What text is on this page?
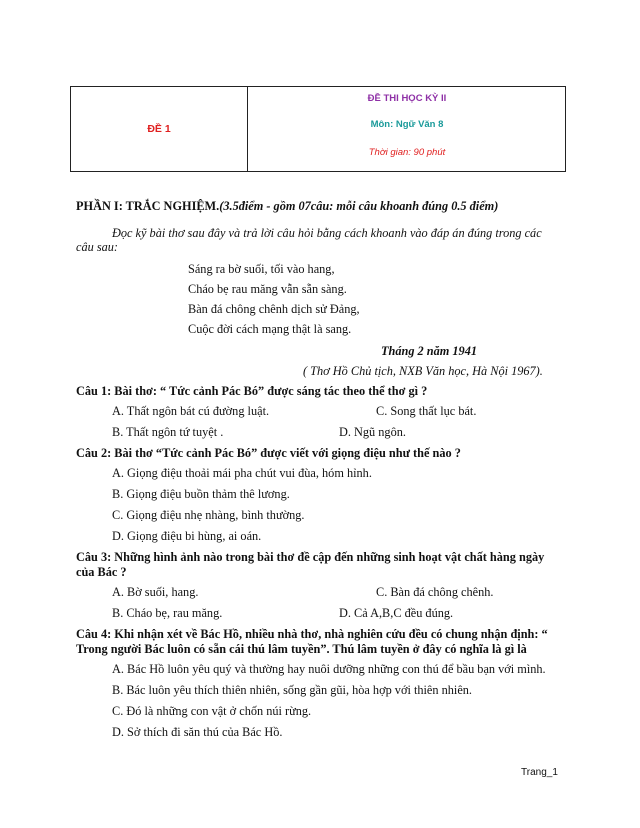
ĐỀ 1
ĐỀ THI HỌC KỲ II
Môn: Ngữ Văn 8
Thời gian: 90 phút
PHẦN I: TRẮC NGHIỆM.(3.5điểm - gồm 07câu: mỗi câu khoanh đúng 0.5 điểm)
Đọc kỹ bài thơ sau đây và trả lời câu hỏi bằng cách khoanh vào đáp án đúng trong các
câu sau:
Sáng ra bờ suối, tối vào hang,
Cháo bẹ rau măng vẫn sẵn sàng.
Bàn đá chông chênh dịch sử Đảng,
Cuộc đời cách mạng thật là sang.
Tháng 2 năm 1941
( Thơ Hồ Chủ tịch, NXB Văn học, Hà Nội 1967).
Câu 1: Bài thơ: “ Tức cảnh Pác Bó” được sáng tác theo thể thơ gì ?
A. Thất ngôn bát cú đường luật.	C. Song thất lục bát.
B. Thất ngôn tứ tuyệt .	D. Ngũ ngôn.
Câu 2: Bài thơ “Tức cảnh Pác Bó” được viết với giọng điệu như thế nào ?
A. Giọng điệu thoải mái pha chút vui đùa, hóm hỉnh.
B. Giọng điệu buồn thảm thê lương.
C. Giọng điệu nhẹ nhàng, bình thường.
D. Giọng điệu bi hùng, ai oán.
Câu 3: Những hình ảnh nào trong bài thơ đề cập đến những sinh hoạt vật chất hàng ngày
của Bác ?
A. Bờ suối, hang.	C. Bàn đá chông chênh.
B. Cháo bẹ, rau măng.	D. Cả A,B,C đều đúng.
Câu 4: Khi nhận xét về Bác Hồ, nhiều nhà thơ, nhà nghiên cứu đều có chung nhận định: “
Trong người Bác luôn có sẵn cái thú lâm tuyền”. Thú lâm tuyền ở đây có nghĩa là gì là
A. Bác Hồ luôn yêu quý và thường hay nuôi dưỡng những con thú để bầu bạn với mình.
B. Bác luôn yêu thích thiên nhiên, sống gần gũi, hòa hợp với thiên nhiên.
C. Đó là những con vật ở chốn núi rừng.
D. Sở thích đi săn thú của Bác Hồ.
Trang_1
